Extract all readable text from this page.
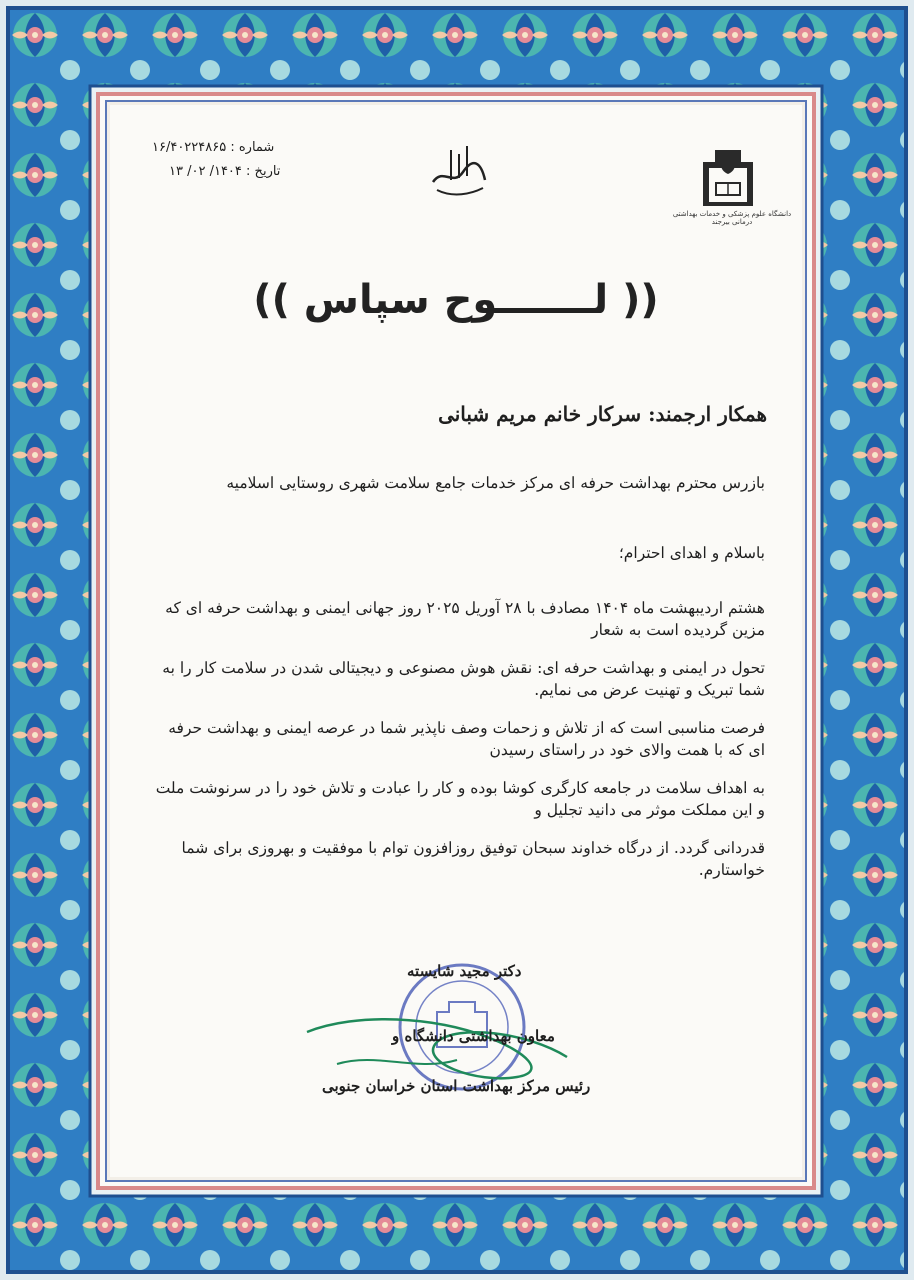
شماره : ۱۶/۴۰۲۲۴۸۶۵
تاریخ : ۱۴۰۴/ ۰۲/ ۱۳
دانشگاه علوم پزشکی و خدمات بهداشتی درمانی بیرجند
(( لـــــــوح سپاس ))
همکار ارجمند: سرکار خانم مریم شبانی
بازرس محترم بهداشت حرفه ای مرکز خدمات جامع سلامت شهری روستایی اسلامیه
باسلام و اهدای احترام؛
هشتم اردیبهشت ماه ۱۴۰۴ مصادف با ۲۸ آوریل ۲۰۲۵ روز جهانی ایمنی و بهداشت حرفه ای که مزین گردیده است به شعار
تحول در ایمنی و بهداشت حرفه ای: نقش هوش مصنوعی و دیجیتالی شدن در سلامت کار را به شما تبریک و تهنیت عرض می نمایم.
فرصت مناسبی است که از تلاش و زحمات وصف ناپذیر شما در عرصه ایمنی و بهداشت حرفه ای که با همت والای خود در راستای رسیدن
به اهداف سلامت در جامعه کارگری کوشا بوده و کار را عبادت و تلاش خود را در سرنوشت ملت و این مملکت موثر می دانید تجلیل و
قدردانی گردد. از درگاه خداوند سبحان توفیق روزافزون توام با موفقیت و بهروزی برای شما خواستارم.
دکتر مجید شایسته
معاون بهداشتی دانشگاه و
رئیس مرکز بهداشت استان خراسان جنوبی
